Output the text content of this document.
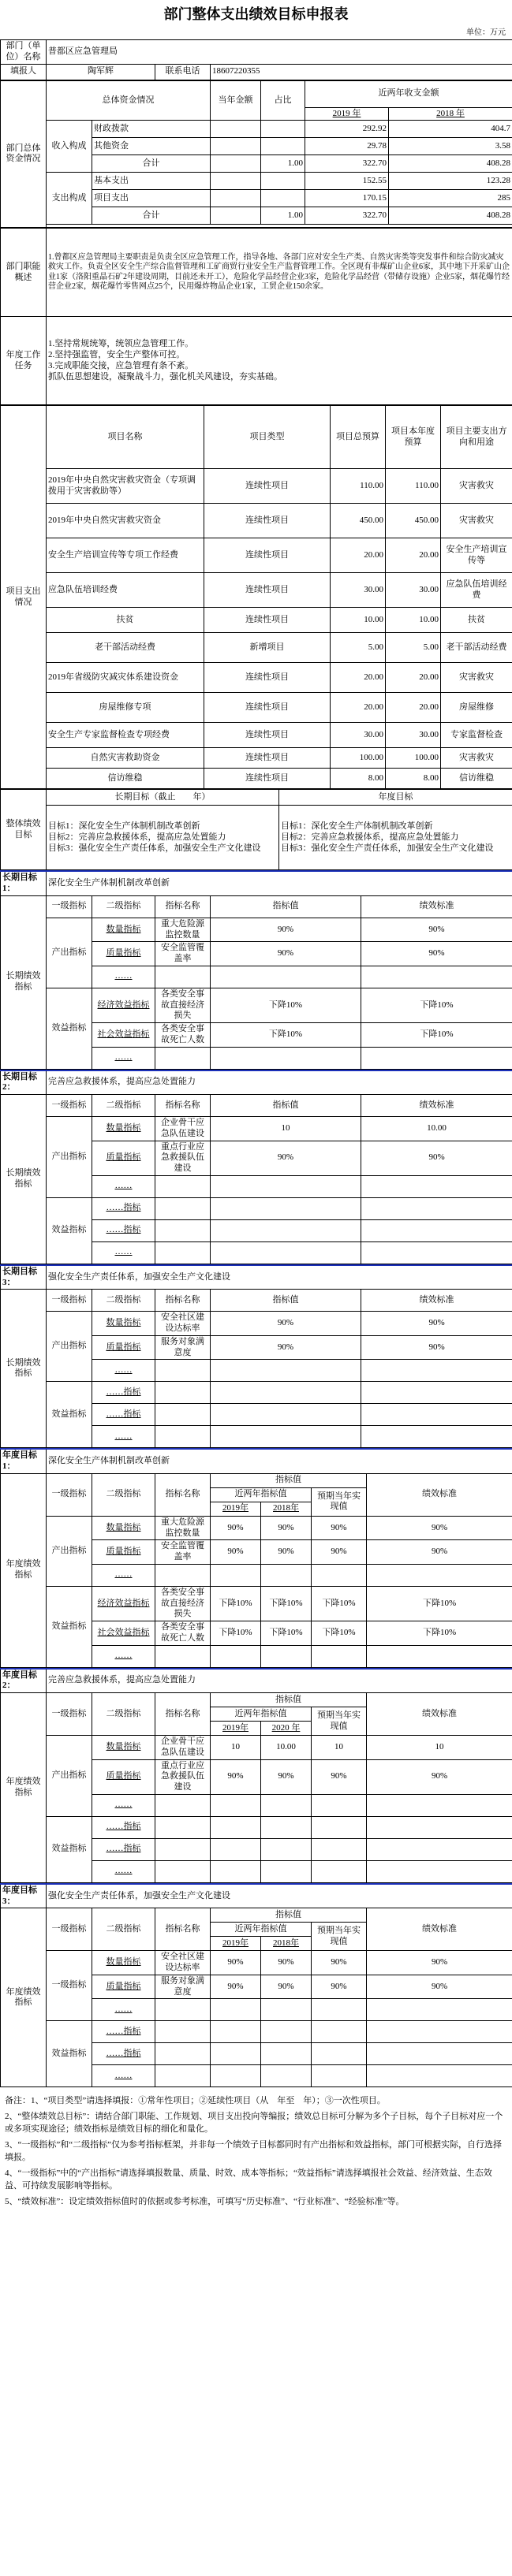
部门整体支出绩效目标申报表
单位：万元
部门（单位）名称	普都区应急管理局		
填报人	陶军辉	联系电话	18607220355
部门总体资金情况	总体资金情况		当年金额	占比	近两年收支金额	
					2019 年	2018 年
	收入构成	财政拨款			292.92	404.7
		其他资金			29.78	3.58
		合计		1.00	322.70	408.28
	支出构成	基本支出			152.55	123.28
		项目支出			170.15	285
		合计		1.00	322.70	408.28

部门职能概述	1.曾都区应急管理局主要职责是负责全区应急管理工作，指导各地、各部门应对安全生产类、自然灾害类等突发事件和综合防灾减灾救灾工作。负责全区安全生产综合监督管理和工矿商贸行业安全生产监督管理工作。全区现有非煤矿山企业6家，其中地下开采矿山企业1家（洛阳重晶石矿2年建设周期，目前还未开工），危险化学品经营企业3家，危险化学品经营（带储存设施）企业5家，烟花爆竹经营企业2家，烟花爆竹零售网点25个，民用爆炸物品企业1家，工贸企业150余家。
年度工作任务	1.坚持常规统筹，统领应急管理工作。
2.坚持强监管，安全生产整体可控。
3.完成职能交接，应急管理有条不紊。
抓队伍思想建设，凝聚战斗力，强化机关风建设，夯实基础。
项目支出情况	项目名称	项目类型	项目总预算	项目本年度预算	项目主要支出方向和用途
	2019年中央自然灾害救灾资金（专项调拨用于灾害救助等）	连续性项目	110.00	110.00	灾害救灾
	2019年中央自然灾害救灾资金	连续性项目	450.00	450.00	灾害救灾
	安全生产培训宣传等专项工作经费	连续性项目	20.00	20.00	安全生产培训宣传等
	应急队伍培训经费	连续性项目	30.00	30.00	应急队伍培训经费
	扶贫	连续性项目	10.00	10.00	扶贫
	老干部活动经费	新增项目	5.00	5.00	老干部活动经费
	2019年省级防灾减灾体系建设资金	连续性项目	20.00	20.00	灾害救灾
	房屋维修专项	连续性项目	20.00	20.00	房屋维修
	安全生产专家监督检查专项经费	连续性项目	30.00	30.00	专家监督检查
	自然灾害救助资金	连续性项目	100.00	100.00	灾害救灾
	信访维稳	连续性项目	8.00	8.00	信访维稳
整体绩效目标	长期目标（截止　　年）	年度目标
	目标1：深化安全生产体制机制改革创新
目标2：完善应急救援体系，提高应急处置能力
目标3：强化安全生产责任体系，加强安全生产文化建设	目标1：深化安全生产体制机制改革创新
目标2：完善应急救援体系，提高应急处置能力
目标3：强化安全生产责任体系，加强安全生产文化建设
长期目标1：	深化安全生产体制机制改革创新				
长期绩效指标	一级指标	二级指标	指标名称	指标值	绩效标准
	产出指标	数量指标	重大危险源监控数量	90%	90%
		质量指标	安全监管覆盖率	90%	90%
		……			
	效益指标	经济效益指标	各类安全事故直接经济损失	下降10%	下降10%
		社会效益指标	各类安全事故死亡人数	下降10%	下降10%
		……			
长期目标2：	完善应急救援体系，提高应急处置能力				
长期绩效指标	一级指标	二级指标	指标名称	指标值	绩效标准
	产出指标	数量指标	企业骨干应急队伍建设	10	10.00
		质量指标	重点行业应急救援队伍建设	90%	90%
		……			
	效益指标	……指标			
		……指标			
		……			
长期目标3：	强化安全生产责任体系，加强安全生产文化建设				
长期绩效指标	一级指标	二级指标	指标名称	指标值	绩效标准
	产出指标	数量指标	安全社区建设达标率	90%	90%
		质量指标	服务对象满意度	90%	90%
		……			
	效益指标	……指标			
		……指标			
		……			
年度目标1：	深化安全生产体制机制改革创新						
年度绩效指标	一级指标	二级指标	指标名称	指标值			绩效标准
				近两年指标值		预期当年实现值	
				2019年	2018年		
	产出指标	数量指标	重大危险源监控数量	90%	90%	90%	90%
		质量指标	安全监管覆盖率	90%	90%	90%	90%
		……					
	效益指标	经济效益指标	各类安全事故直接经济损失	下降10%	下降10%	下降10%	下降10%
		社会效益指标	各类安全事故死亡人数	下降10%	下降10%	下降10%	下降10%
		……					
年度目标2：	完善应急救援体系，提高应急处置能力						
年度绩效指标	一级指标	二级指标	指标名称	指标值			绩效标准
				近两年指标值		预期当年实现值	
				2019年	2020 年		
	产出指标	数量指标	企业骨干应急队伍建设	10	10.00	10	10
		质量指标	重点行业应急救援队伍建设	90%	90%	90%	90%
		……					
	效益指标	……指标					
		……指标					
		……					
年度目标3：	强化安全生产责任体系，加强安全生产文化建设						
年度绩效指标	一级指标	二级指标	指标名称	指标值			绩效标准
				近两年指标值		预期当年实现值	
				2019年	2018年		
	一级指标	数量指标	安全社区建设达标率	90%	90%	90%	90%
		质量指标	服务对象满意度	90%	90%	90%	90%
		……					
	效益指标	……指标					
		……指标					
		……					

备注：1、“项目类型”请选择填报：①常年性项目；②延续性项目（从　年至　年）；③一次性项目。

2、“整体绩效总目标”：请结合部门职能、工作规划、项目支出投向等编报；绩效总目标可分解为多个子目标，每个子目标对应一个或多项实现途径；绩效指标是绩效目标的细化和量化。

3、“一级指标”和“二级指标”仅为参考指标框架，并非每一个绩效子目标都同时有产出指标和效益指标，部门可根据实际，自行选择填报。

4、“一级指标”中的“产出指标”请选择填报数量、质量、时效、成本等指标；“效益指标”请选择填报社会效益、经济效益、生态效益、可持续发展影响等指标。

5、“绩效标准”：设定绩效指标值时的依据或参考标准，可填写“历史标准”、“行业标准”、“经验标准”等。
